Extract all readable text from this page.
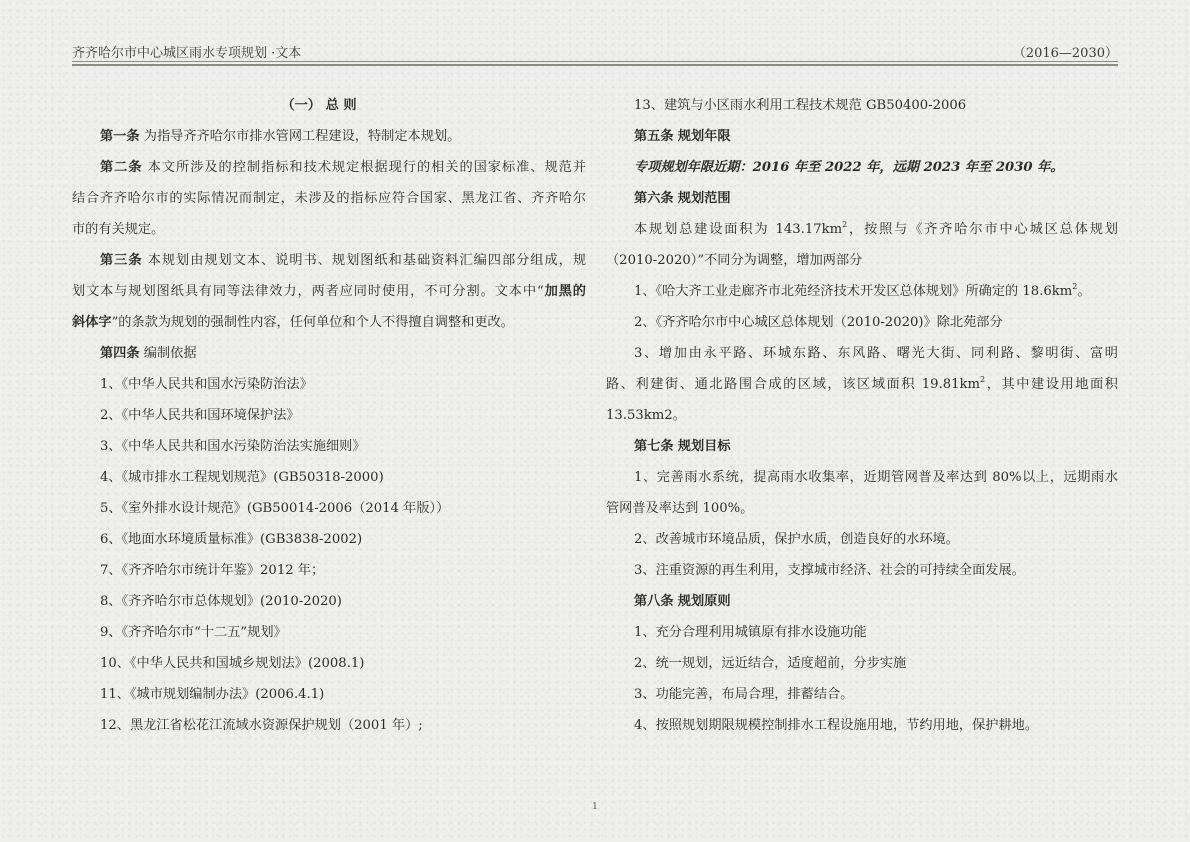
齐齐哈尔市中心城区雨水专项规划 ·文本	（2016—2030）
（一） 总 则
第一条 为指导齐齐哈尔市排水管网工程建设，特制定本规划。
第二条 本文所涉及的控制指标和技术规定根据现行的相关的国家标准、规范并
结合齐齐哈尔市的实际情况而制定，未涉及的指标应符合国家、黑龙江省、齐齐哈尔
市的有关规定。
第三条 本规划由规划文本、说明书、规划图纸和基础资料汇编四部分组成，规
划文本与规划图纸具有同等法律效力，两者应同时使用，不可分割。文本中“加黑的
斜体字”的条款为规划的强制性内容，任何单位和个人不得擅自调整和更改。
第四条 编制依据
1、《中华人民共和国水污染防治法》
2、《中华人民共和国环境保护法》
3、《中华人民共和国水污染防治法实施细则》
4、《城市排水工程规划规范》(GB50318-2000)
5、《室外排水设计规范》(GB50014-2006（2014 年版））
6、《地面水环境质量标准》(GB3838-2002)
7、《齐齐哈尔市统计年鉴》2012 年；
8、《齐齐哈尔市总体规划》(2010-2020)
9、《齐齐哈尔市“十二五”规划》
10、《中华人民共和国城乡规划法》(2008.1)
11、《城市规划编制办法》(2006.4.1)
12、黑龙江省松花江流域水资源保护规划（2001 年）;
13、建筑与小区雨水利用工程技术规范 GB50400-2006
第五条 规划年限
专项规划年限近期：2016 年至 2022 年，远期 2023 年至 2030 年。
第六条 规划范围
本规划总建设面积为 $143.17km^2$，按照与《齐齐哈尔市中心城区总体规划
（2010-2020）”不同分为调整，增加两部分
1、《哈大齐工业走廊齐市北苑经济技术开发区总体规划》所确定的 $18.6km^2$。
2、《齐齐哈尔市中心城区总体规划（2010-2020)》除北苑部分
3、增加由永平路、环城东路、东风路、曙光大街、同利路、黎明街、富明
路、利建街、通北路围合成的区域，该区域面积 $19.81km^2$，其中建设用地面积
13.53km2。
第七条 规划目标
1、完善雨水系统，提高雨水收集率，近期管网普及率达到 80%以上，远期雨水
管网普及率达到 100%。
2、改善城市环境品质，保护水质，创造良好的水环境。
3、注重资源的再生利用，支撑城市经济、社会的可持续全面发展。
第八条 规划原则
1、充分合理利用城镇原有排水设施功能
2、统一规划，远近结合，适度超前，分步实施
3、功能完善，布局合理，排蓄结合。
4、按照规划期限规模控制排水工程设施用地，节约用地，保护耕地。
1
